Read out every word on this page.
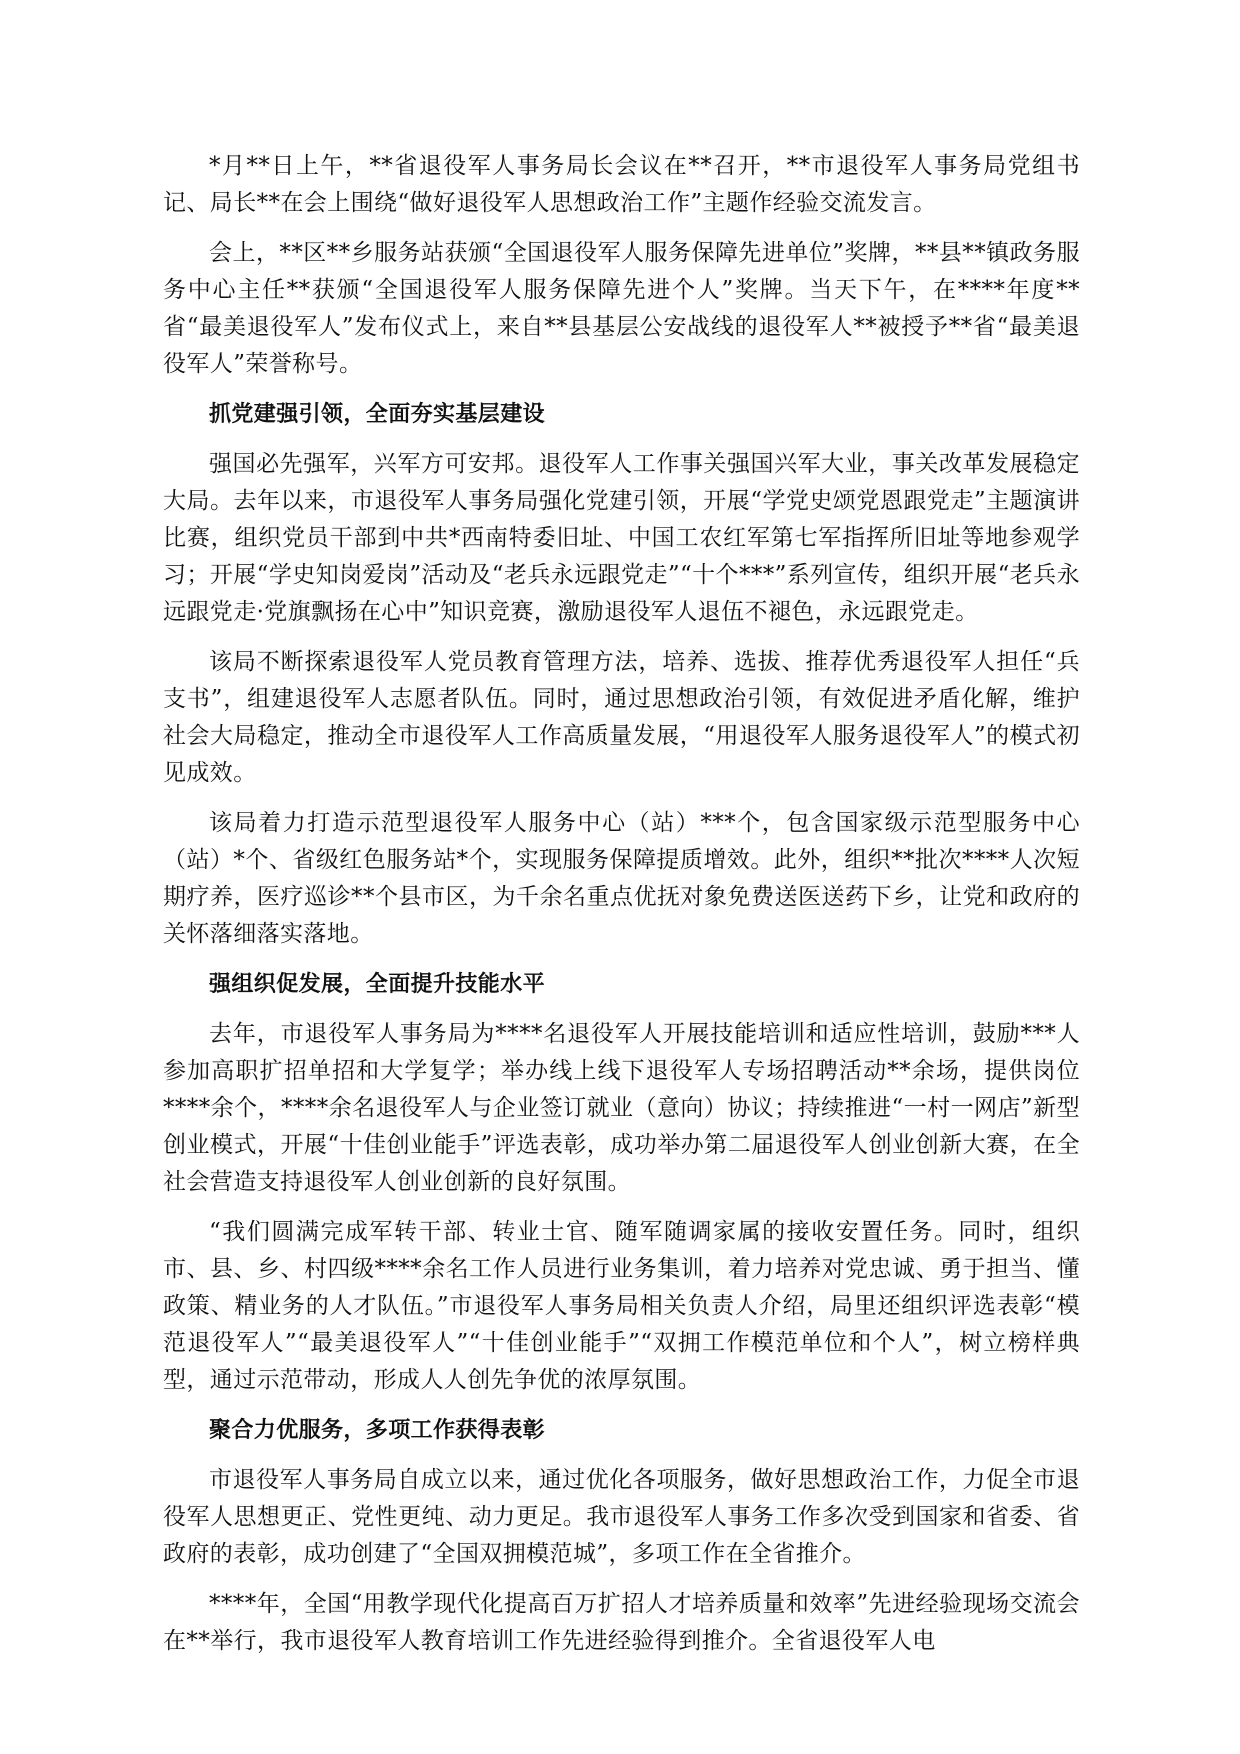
*月**日上午，**省退役军人事务局长会议在**召开，**市退役军人事务局党组书记、局长**在会上围绕“做好退役军人思想政治工作”主题作经验交流发言。

会上，**区**乡服务站获颁“全国退役军人服务保障先进单位”奖牌，**县**镇政务服务中心主任**获颁“全国退役军人服务保障先进个人”奖牌。当天下午，在****年度**省“最美退役军人”发布仪式上，来自**县基层公安战线的退役军人**被授予**省“最美退役军人”荣誉称号。

抓党建强引领，全面夯实基层建设

强国必先强军，兴军方可安邦。退役军人工作事关强国兴军大业，事关改革发展稳定大局。去年以来，市退役军人事务局强化党建引领，开展“学党史颂党恩跟党走”主题演讲比赛，组织党员干部到中共*西南特委旧址、中国工农红军第七军指挥所旧址等地参观学习；开展“学史知岗爱岗”活动及“老兵永远跟党走”“十个***”系列宣传，组织开展“老兵永远跟党走·党旗飘扬在心中”知识竞赛，激励退役军人退伍不褪色，永远跟党走。

该局不断探索退役军人党员教育管理方法，培养、选拔、推荐优秀退役军人担任“兵支书”，组建退役军人志愿者队伍。同时，通过思想政治引领，有效促进矛盾化解，维护社会大局稳定，推动全市退役军人工作高质量发展，“用退役军人服务退役军人”的模式初见成效。

该局着力打造示范型退役军人服务中心（站）***个，包含国家级示范型服务中心（站）*个、省级红色服务站*个，实现服务保障提质增效。此外，组织**批次****人次短期疗养，医疗巡诊**个县市区，为千余名重点优抚对象免费送医送药下乡，让党和政府的关怀落细落实落地。

强组织促发展，全面提升技能水平

去年，市退役军人事务局为****名退役军人开展技能培训和适应性培训，鼓励***人参加高职扩招单招和大学复学；举办线上线下退役军人专场招聘活动**余场，提供岗位****余个，****余名退役军人与企业签订就业（意向）协议；持续推进“一村一网店”新型创业模式，开展“十佳创业能手”评选表彰，成功举办第二届退役军人创业创新大赛，在全社会营造支持退役军人创业创新的良好氛围。

“我们圆满完成军转干部、转业士官、随军随调家属的接收安置任务。同时，组织市、县、乡、村四级****余名工作人员进行业务集训，着力培养对党忠诚、勇于担当、懂政策、精业务的人才队伍。”市退役军人事务局相关负责人介绍，局里还组织评选表彰“模范退役军人”“最美退役军人”“十佳创业能手”“双拥工作模范单位和个人”，树立榜样典型，通过示范带动，形成人人创先争优的浓厚氛围。

聚合力优服务，多项工作获得表彰

市退役军人事务局自成立以来，通过优化各项服务，做好思想政治工作，力促全市退役军人思想更正、党性更纯、动力更足。我市退役军人事务工作多次受到国家和省委、省政府的表彰，成功创建了“全国双拥模范城”，多项工作在全省推介。

****年，全国“用教学现代化提高百万扩招人才培养质量和效率”先进经验现场交流会在**举行，我市退役军人教育培训工作先进经验得到推介。全省退役军人电
